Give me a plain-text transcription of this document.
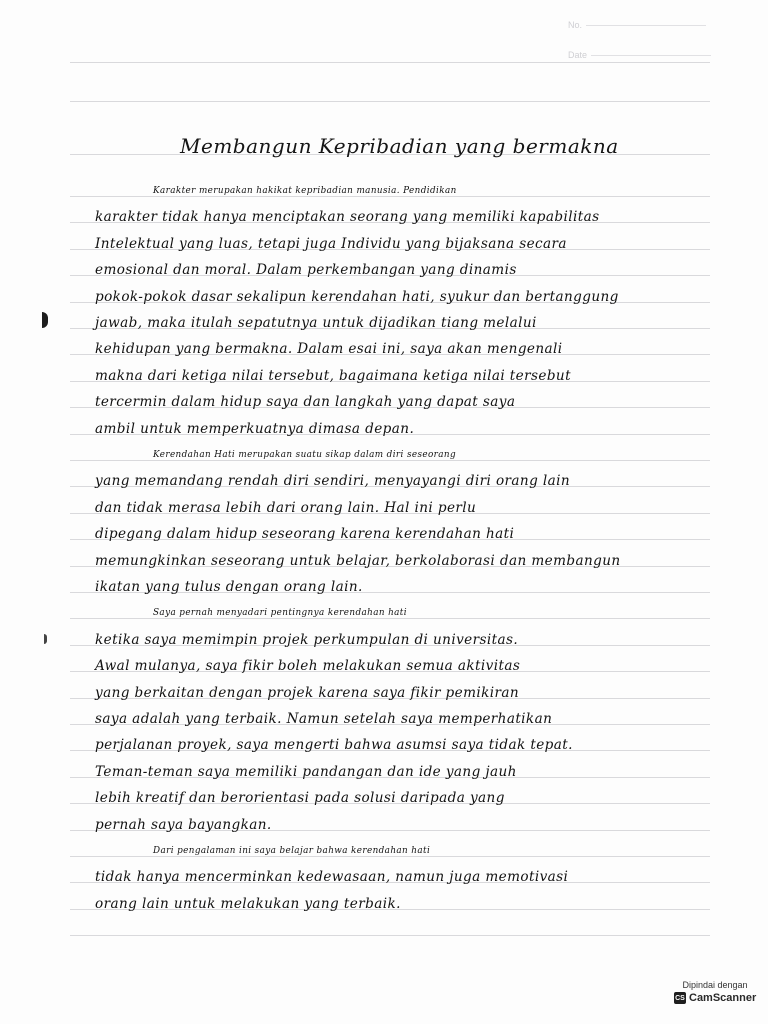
No.
Date
Membangun Kepribadian yang bermakna
Karakter merupakan hakikat kepribadian manusia. Pendidikan
karakter tidak hanya menciptakan seorang yang memiliki kapabilitas
Intelektual yang luas, tetapi juga Individu yang bijaksana secara
emosional dan moral. Dalam perkembangan yang dinamis
pokok-pokok dasar sekalipun kerendahan hati, syukur dan bertanggung
jawab, maka itulah sepatutnya untuk dijadikan tiang melalui
kehidupan yang bermakna. Dalam esai ini, saya akan mengenali
makna dari ketiga nilai tersebut, bagaimana ketiga nilai tersebut
tercermin dalam hidup saya dan langkah yang dapat saya
ambil untuk memperkuatnya dimasa depan.
Kerendahan Hati merupakan suatu sikap dalam diri seseorang
yang memandang rendah diri sendiri, menyayangi diri orang lain
dan tidak merasa lebih dari orang lain. Hal ini perlu
dipegang dalam hidup seseorang karena kerendahan hati
memungkinkan seseorang untuk belajar, berkolaborasi dan membangun
ikatan yang tulus dengan orang lain.
Saya pernah menyadari pentingnya kerendahan hati
ketika saya memimpin projek perkumpulan di universitas.
Awal mulanya, saya fikir boleh melakukan semua aktivitas
yang berkaitan dengan projek karena saya fikir pemikiran
saya adalah yang terbaik. Namun setelah saya memperhatikan
perjalanan proyek, saya mengerti bahwa asumsi saya tidak tepat.
Teman-teman saya memiliki pandangan dan ide yang jauh
lebih kreatif dan berorientasi pada solusi daripada yang
pernah saya bayangkan.
Dari pengalaman ini saya belajar bahwa kerendahan hati
tidak hanya mencerminkan kedewasaan, namun juga memotivasi
orang lain untuk melakukan yang terbaik.
Dipindai dengan
CS CamScanner
